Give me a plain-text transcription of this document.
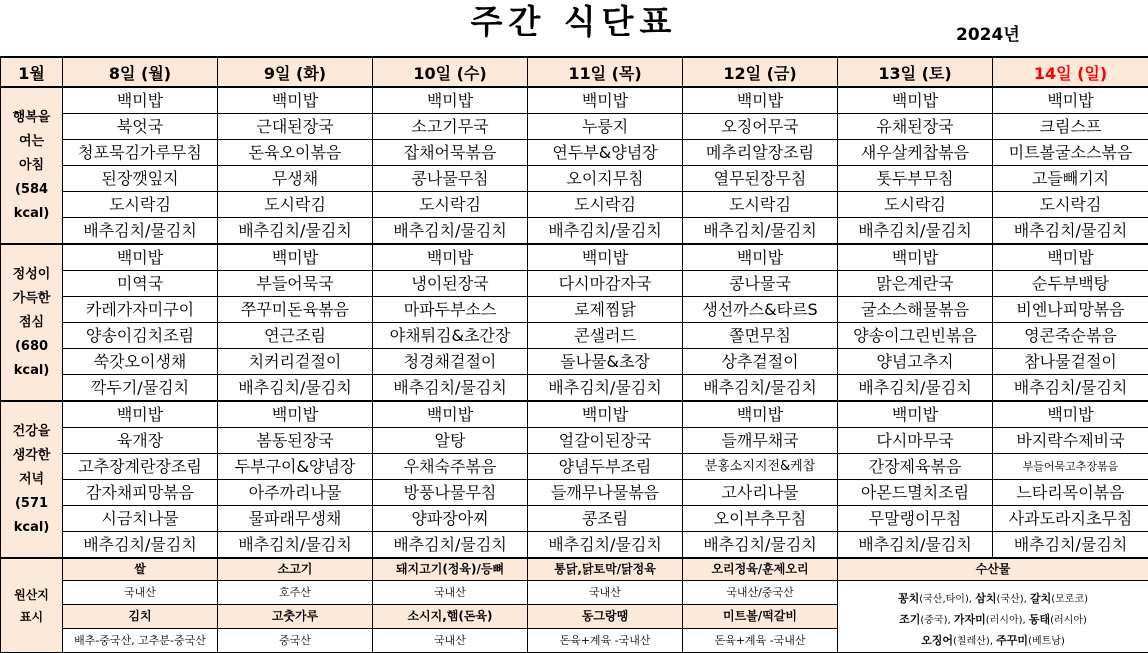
주간 식단표	2024년
1월	8일 (월)	9일 (화)	10일 (수)	11일 (목)	12일 (금)	13일 (토)	14일 (일)

행복을
여는
아침
(584
kcal)	백미밥	백미밥	백미밥	백미밥	백미밥	백미밥	백미밥
	북엇국	근대된장국	소고기무국	누룽지	오징어무국	유채된장국	크림스프
	청포묵김가루무침	돈육오이볶음	잡채어묵볶음	연두부&양념장	메추리알장조림	새우살케찹볶음	미트볼굴소스볶음
	된장깻잎지	무생채	콩나물무침	오이지무침	열무된장무침	톳두부무침	고들빼기지
	도시락김	도시락김	도시락김	도시락김	도시락김	도시락김	도시락김
	배추김치/물김치	배추김치/물김치	배추김치/물김치	배추김치/물김치	배추김치/물김치	배추김치/물김치	배추김치/물김치

정성이
가득한
점심
(680
kcal)	백미밥	백미밥	백미밥	백미밥	백미밥	백미밥	백미밥
	미역국	부들어묵국	냉이된장국	다시마감자국	콩나물국	맑은계란국	순두부백탕
	카레가자미구이	쭈꾸미돈육볶음	마파두부소스	로제찜닭	생선까스&타르S	굴소스해물볶음	비엔나피망볶음
	양송이김치조림	연근조림	야채튀김&초간장	콘샐러드	쫄면무침	양송이그린빈볶음	영콘죽순볶음
	쑥갓오이생채	치커리겉절이	청경채겉절이	돌나물&초장	상추겉절이	양념고추지	참나물겉절이
	깍두기/물김치	배추김치/물김치	배추김치/물김치	배추김치/물김치	배추김치/물김치	배추김치/물김치	배추김치/물김치

건강을
생각한
저녁
(571
kcal)	백미밥	백미밥	백미밥	백미밥	백미밥	백미밥	백미밥
	육개장	봄동된장국	알탕	얼갈이된장국	들깨무채국	다시마무국	바지락수제비국
	고추장계란장조림	두부구이&양념장	우채숙주볶음	양념두부조림	분홍소지지전&케찹	간장제육볶음	부들어묵고추장볶음
	감자채피망볶음	아주까리나물	방풍나물무침	들깨무나물볶음	고사리나물	아몬드멸치조림	느타리목이볶음
	시금치나물	물파래무생채	양파장아찌	콩조림	오이부추무침	무말랭이무침	사과도라지초무침
	배추김치/물김치	배추김치/물김치	배추김치/물김치	배추김치/물김치	배추김치/물김치	배추김치/물김치	배추김치/물김치

원산지
표시	쌀	소고기	돼지고기(정육)/등뼈	통닭,닭토막/닭정육	오리정육/훈제오리	수산물	
	국내산	호주산	국내산	국내산	국내산/중국산	꽁치(국산,타이), 삼치(국산), 갈치(모로코)
조기(중국), 가자미(러시아), 동태(러시아)
오징어(칠레산), 주꾸미(베트남)	

	김치	고춧가루	소시지,햄(돈육)	동그랑땡	미트볼/떡갈비		
	배추-중국산, 고추분-중국산	중국산	국내산	돈육+계육 -국내산	돈육+계육 -국내산		
